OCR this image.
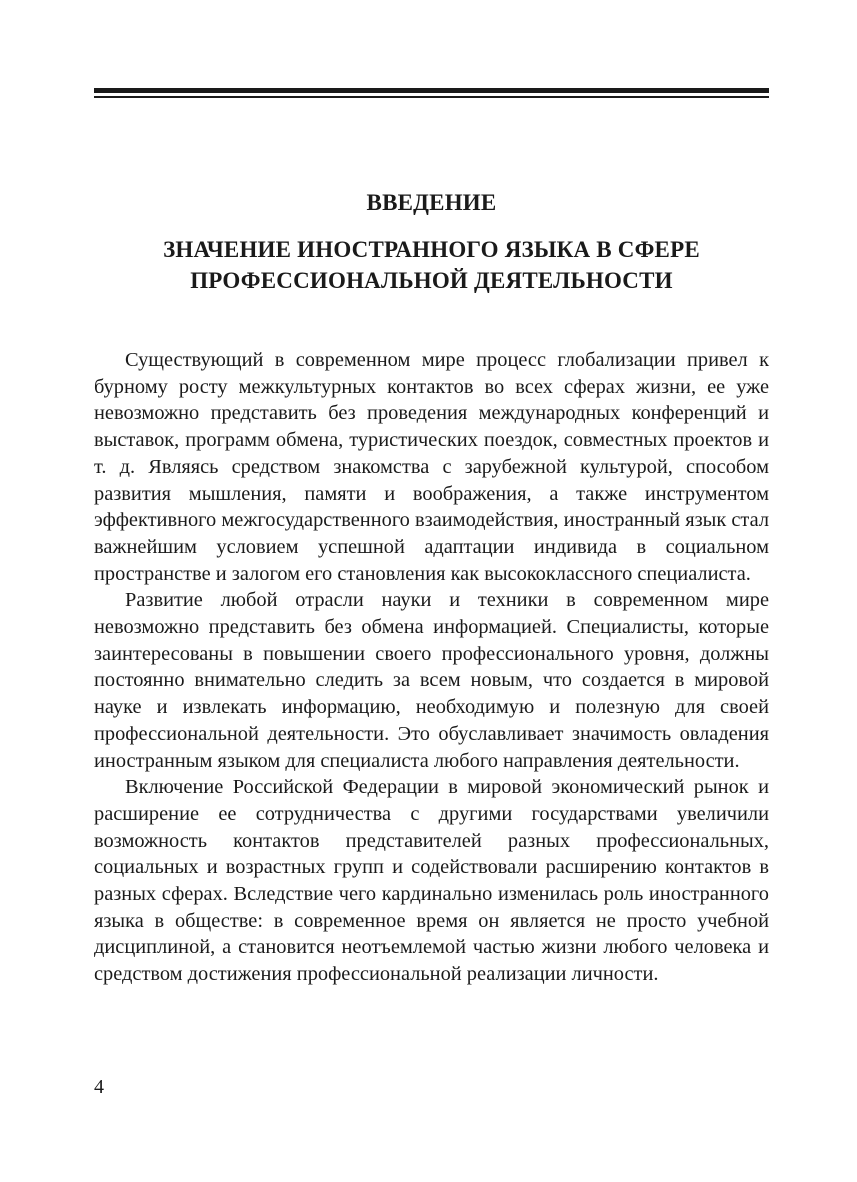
ВВЕДЕНИЕ
ЗНАЧЕНИЕ ИНОСТРАННОГО ЯЗЫКА В СФЕРЕ
ПРОФЕССИОНАЛЬНОЙ ДЕЯТЕЛЬНОСТИ

Существующий в современном мире процесс глобализации привел к бурному росту межкультурных контактов во всех сферах жизни, ее уже невозможно представить без проведения международных конференций и выставок, программ обмена, туристических поездок, совместных проектов и т. д. Являясь средством знакомства с зарубежной культурой, способом развития мышления, памяти и воображения, а также инструментом эффективного межгосударственного взаимодействия, иностранный язык стал важнейшим условием успешной адаптации индивида в социальном пространстве и залогом его становления как высококлассного специалиста.

Развитие любой отрасли науки и техники в современном мире невозможно представить без обмена информацией. Специалисты, которые заинтересованы в повышении своего профессионального уровня, должны постоянно внимательно следить за всем новым, что создается в мировой науке и извлекать информацию, необходимую и полезную для своей профессиональной деятельности. Это обуславливает значимость овладения иностранным языком для специалиста любого направления деятельности.

Включение Российской Федерации в мировой экономический рынок и расширение ее сотрудничества с другими государствами увеличили возможность контактов представителей разных профессиональных, социальных и возрастных групп и содействовали расширению контактов в разных сферах. Вследствие чего кардинально изменилась роль иностранного языка в обществе: в современное время он является не просто учебной дисциплиной, а становится неотъемлемой частью жизни любого человека и средством достижения профессиональной реализации личности.

4
